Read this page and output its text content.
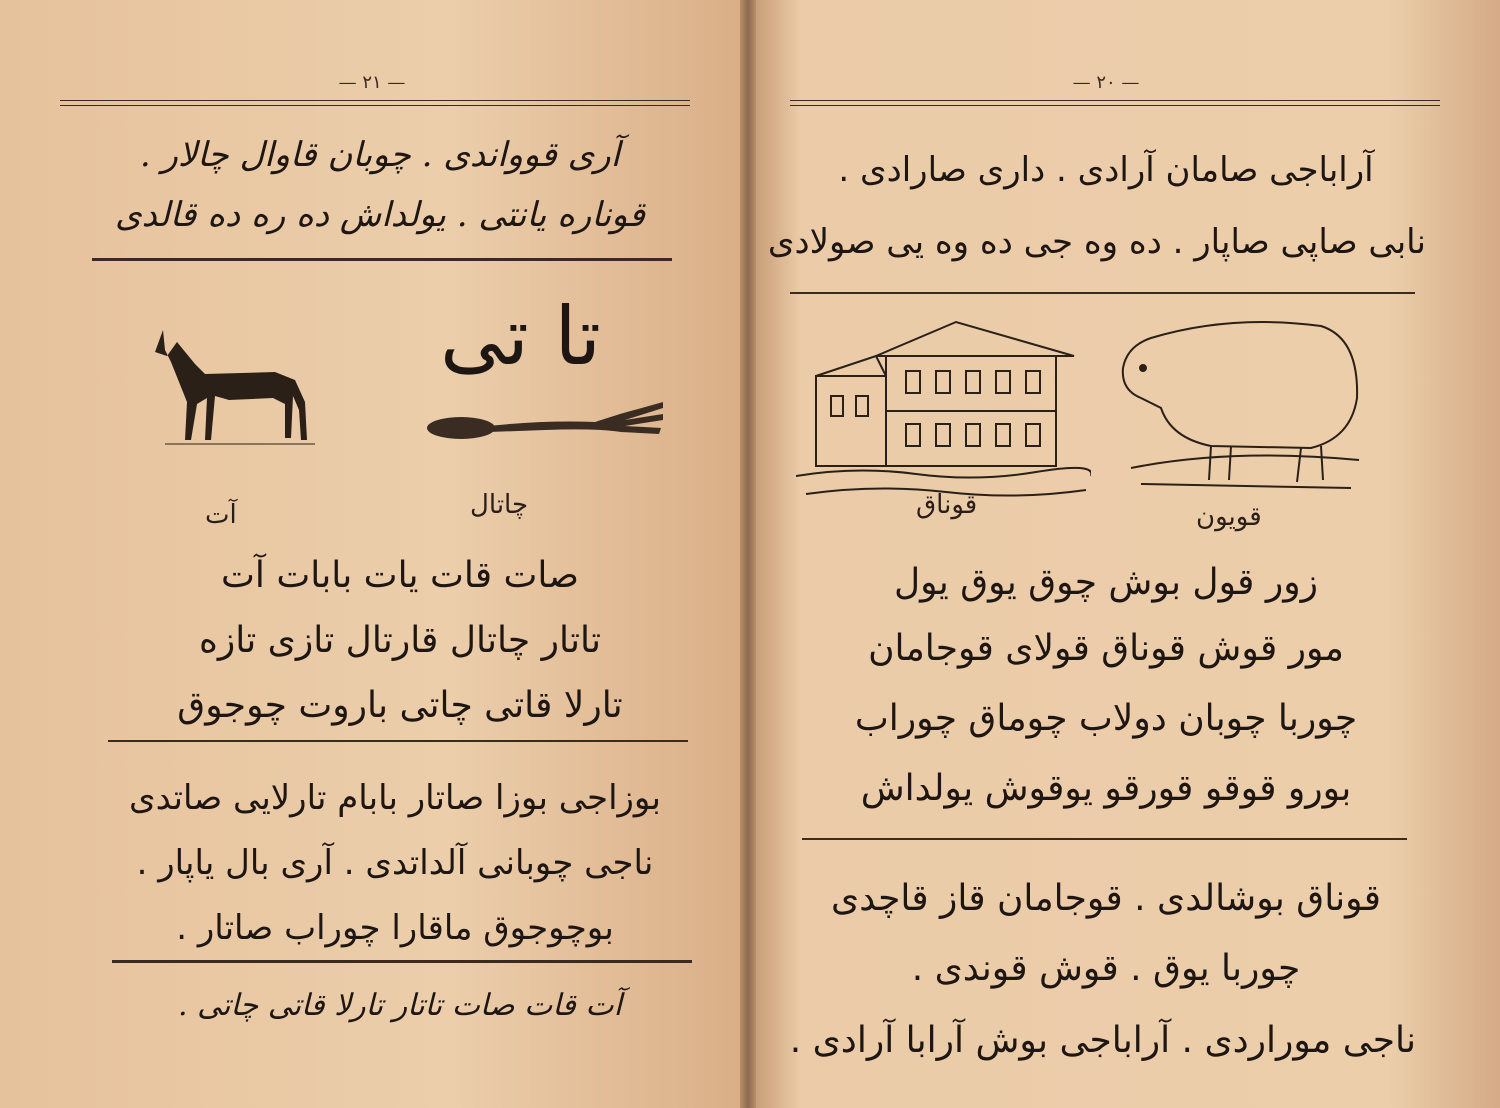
— ٢١ —
آری قوواندی . چوبان قاوال چالار .
قوناره یانتی . یولداش ده ره ده قالدی
تا تی
چاتال
آت
صات قات یات بابات آت
تاتار چاتال قارتال تازی تازه
تارلا قاتی چاتی باروت چوجوق
بوزاجی بوزا صاتار بابام تارلایی صاتدی
ناجی چوبانی آلداتدی . آری بال یاپار .
بوچوجوق ماقارا چوراب صاتار .
آت قات صات تاتار تارلا قاتی چاتی .
— ٢٠ —
آراباجی صامان آرادی . داری صارادی .
نابی صاپی صاپار . ده وه جی ده وه یی صولادی
قوناق	قویون
زور قول بوش چوق یوق یول
مور قوش قوناق قولای قوجامان
چوربا چوبان دولاب چوماق چوراب
بورو قوقو قورقو یوقوش یولداش
قوناق بوشالدی . قوجامان قاز قاچدی
چوربا یوق . قوش قوندی .
ناجی موراردی . آراباجی بوش آرابا آرادی .
